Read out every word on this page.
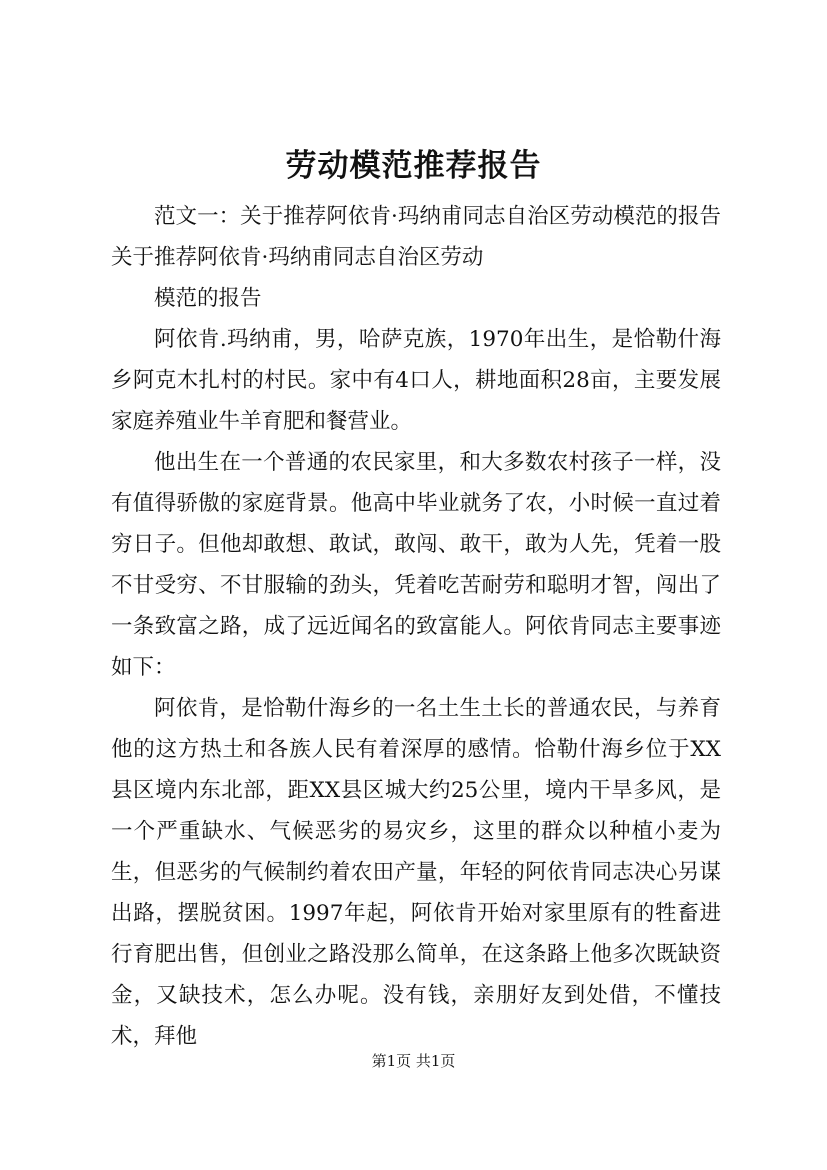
劳动模范推荐报告

范文一：关于推荐阿依肯·玛纳甫同志自治区劳动模范的报告关于推荐阿依肯·玛纳甫同志自治区劳动

模范的报告

阿依肯.玛纳甫，男，哈萨克族，1970年出生，是恰勒什海乡阿克木扎村的村民。家中有4口人，耕地面积28亩，主要发展家庭养殖业牛羊育肥和餐营业。

他出生在一个普通的农民家里，和大多数农村孩子一样，没有值得骄傲的家庭背景。他高中毕业就务了农，小时候一直过着穷日子。但他却敢想、敢试，敢闯、敢干，敢为人先，凭着一股不甘受穷、不甘服输的劲头，凭着吃苦耐劳和聪明才智，闯出了一条致富之路，成了远近闻名的致富能人。阿依肯同志主要事迹如下：

阿依肯，是恰勒什海乡的一名土生土长的普通农民，与养育他的这方热土和各族人民有着深厚的感情。恰勒什海乡位于XX县区境内东北部，距XX县区城大约25公里，境内干旱多风，是一个严重缺水、气候恶劣的易灾乡，这里的群众以种植小麦为生，但恶劣的气候制约着农田产量，年轻的阿依肯同志决心另谋出路，摆脱贫困。1997年起，阿依肯开始对家里原有的牲畜进行育肥出售，但创业之路没那么简单，在这条路上他多次既缺资金，又缺技术，怎么办呢。没有钱，亲朋好友到处借，不懂技术，拜他

第1页 共1页
